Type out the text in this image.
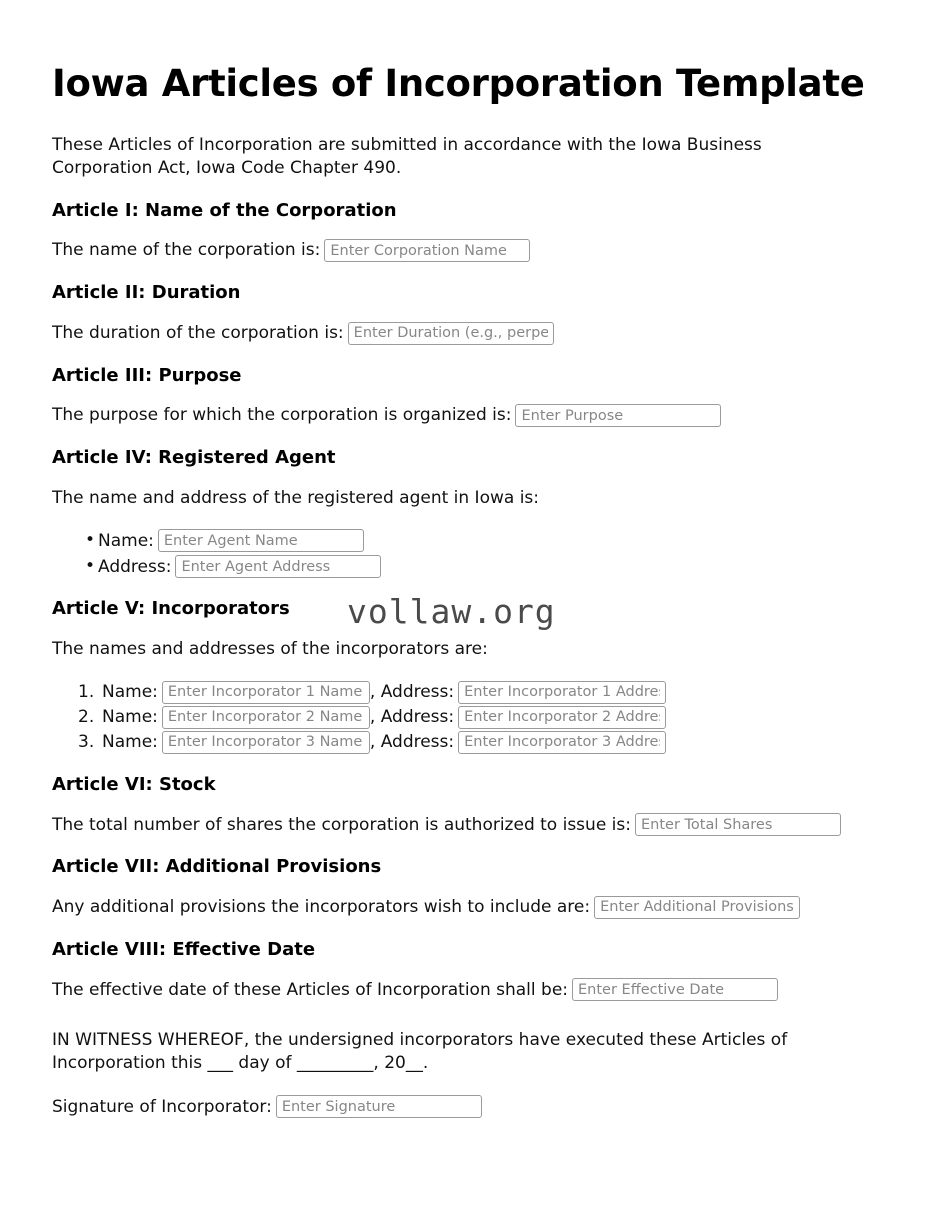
Iowa Articles of Incorporation Template

These Articles of Incorporation are submitted in accordance with the Iowa Business Corporation Act, Iowa Code Chapter 490.

Article I: Name of the Corporation
The name of the corporation is:
Enter Corporation Name
Article II: Duration
The duration of the corporation is:
Enter Duration (e.g., perpetual)
Article III: Purpose
The purpose for which the corporation is organized is:
Enter Purpose
Article IV: Registered Agent

The name and address of the registered agent in Iowa is:

• Name:
Enter Agent Name
• Address:
Enter Agent Address
Article V: Incorporators

The names and addresses of the incorporators are:

Name:
Enter Incorporator 1 Name	, Address:
Enter Incorporator 1 Address
Name:
Enter Incorporator 2 Name	, Address:
Enter Incorporator 2 Address
Name:
Enter Incorporator 3 Name	, Address:
Enter Incorporator 3 Address
Article VI: Stock
The total number of shares the corporation is authorized to issue is:
Enter Total Shares
Article VII: Additional Provisions
Any additional provisions the incorporators wish to include are:
Enter Additional Provisions
Article VIII: Effective Date
The effective date of these Articles of Incorporation shall be:
Enter Effective Date

IN WITNESS WHEREOF, the undersigned incorporators have executed these Articles of Incorporation this ___ day of _________, 20__.

Signature of Incorporator:
Enter Signature
vollaw.org
